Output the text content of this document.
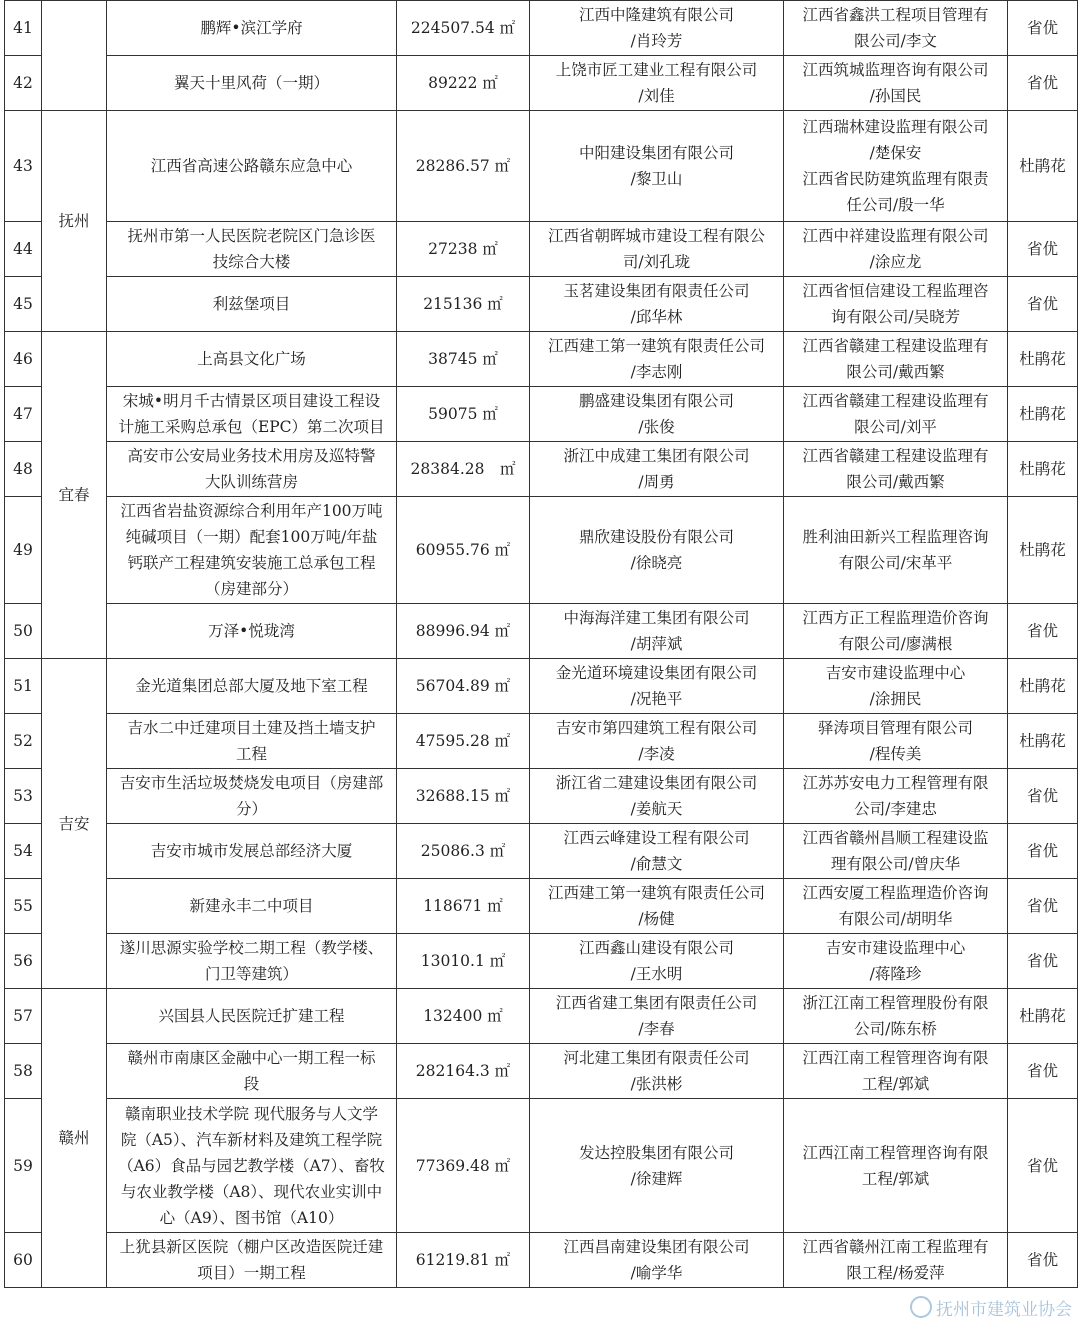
41		鹏辉•滨江学府	224507.54 ㎡	江西中隆建筑有限公司
/肖玲芳	江西省鑫洪工程项目管理有
限公司/李文	省优
42		翼天十里风荷（一期）	89222 ㎡	上饶市匠工建业工程有限公司
/刘佳	江西筑城监理咨询有限公司
/孙国民	省优
43	抚州	江西省高速公路赣东应急中心	28286.57 ㎡	中阳建设集团有限公司
/黎卫山	江西瑞林建设监理有限公司
/楚保安
江西省民防建筑监理有限责
任公司/殷一华	杜鹃花
44		抚州市第一人民医院老院区门急诊医
技综合大楼	27238 ㎡	江西省朝晖城市建设工程有限公
司/刘孔珑	江西中祥建设监理有限公司
/涂应龙	省优
45		利兹堡项目	215136 ㎡	玉茗建设集团有限责任公司
/邱华林	江西省恒信建设工程监理咨
询有限公司/吴晓芳	省优
46	宜春	上高县文化广场	38745 ㎡	江西建工第一建筑有限责任公司
/李志刚	江西省赣建工程建设监理有
限公司/戴西繁	杜鹃花
47		宋城•明月千古情景区项目建设工程设
计施工采购总承包（EPC）第二次项目	59075 ㎡	鹏盛建设集团有限公司
/张俊	江西省赣建工程建设监理有
限公司/刘平	杜鹃花
48		高安市公安局业务技术用房及巡特警
大队训练营房	28384.28　㎡	浙江中成建工集团有限公司
/周勇	江西省赣建工程建设监理有
限公司/戴西繁	杜鹃花
49		江西省岩盐资源综合利用年产100万吨
纯碱项目（一期）配套100万吨/年盐
钙联产工程建筑安装施工总承包工程
（房建部分）	60955.76 ㎡	鼎欣建设股份有限公司
/徐晓亮	胜利油田新兴工程监理咨询
有限公司/宋革平	杜鹃花
50		万泽•悦珑湾	88996.94 ㎡	中海海洋建工集团有限公司
/胡萍斌	江西方正工程监理造价咨询
有限公司/廖满根	省优
51	吉安	金光道集团总部大厦及地下室工程	56704.89 ㎡	金光道环境建设集团有限公司
/况艳平	吉安市建设监理中心
/涂拥民	杜鹃花
52		吉水二中迁建项目土建及挡土墙支护
工程	47595.28 ㎡	吉安市第四建筑工程有限公司
/李凌	驿涛项目管理有限公司
/程传美	杜鹃花
53		吉安市生活垃圾焚烧发电项目（房建部
分）	32688.15 ㎡	浙江省二建建设集团有限公司
/姜航天	江苏苏安电力工程管理有限
公司/李建忠	省优
54		吉安市城市发展总部经济大厦	25086.3 ㎡	江西云峰建设工程有限公司
/俞慧文	江西省赣州昌顺工程建设监
理有限公司/曾庆华	省优
55		新建永丰二中项目	118671 ㎡	江西建工第一建筑有限责任公司
/杨健	江西安厦工程监理造价咨询
有限公司/胡明华	省优
56		遂川思源实验学校二期工程（教学楼、
门卫等建筑）	13010.1 ㎡	江西鑫山建设有限公司
/王水明	吉安市建设监理中心
/蒋隆珍	省优
57	赣州	兴国县人民医院迁扩建工程	132400 ㎡	江西省建工集团有限责任公司
/李春	浙江江南工程管理股份有限
公司/陈东桥	杜鹃花
58		赣州市南康区金融中心一期工程一标
段	282164.3 ㎡	河北建工集团有限责任公司
/张洪彬	江西江南工程管理咨询有限
工程/郭斌	省优
59		赣南职业技术学院 现代服务与人文学
院（A5）、汽车新材料及建筑工程学院
（A6）食品与园艺教学楼（A7）、畜牧
与农业教学楼（A8）、现代农业实训中
心（A9）、图书馆（A10）	77369.48 ㎡	发达控股集团有限公司
/徐建辉	江西江南工程管理咨询有限
工程/郭斌	省优
60		上犹县新区医院（棚户区改造医院迁建
项目）一期工程	61219.81 ㎡	江西昌南建设集团有限公司
/喻学华	江西省赣州江南工程监理有
限工程/杨爱萍	省优
抚州市建筑业协会
